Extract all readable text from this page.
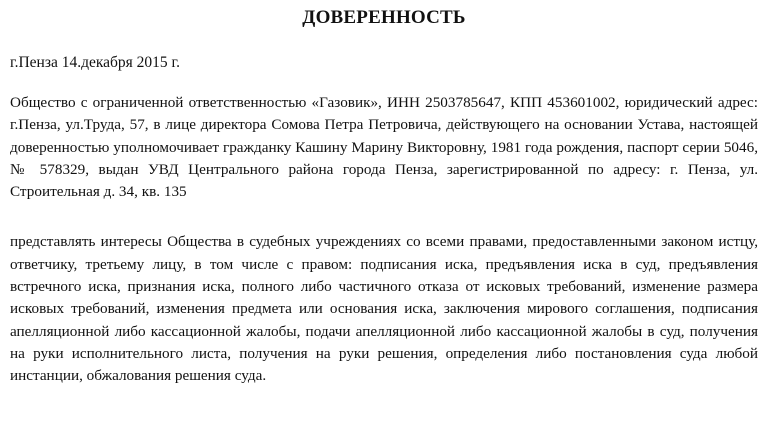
ДОВЕРЕННОСТЬ
г.Пенза 14.декабря 2015 г.

Общество с ограниченной ответственностью «Газовик», ИНН 2503785647, КПП 453601002, юридический адрес: г.Пенза, ул.Труда, 57, в лице директора Сомова Петра Петровича, действующего на основании Устава, настоящей доверенностью уполномочивает гражданку Кашину Марину Викторовну, 1981 года рождения, паспорт серии 5046, № 578329, выдан УВД Центрального района города Пенза, зарегистрированной по адресу: г. Пенза, ул. Строительная д. 34, кв. 135

представлять интересы Общества в судебных учреждениях со всеми правами, предоставленными законом истцу, ответчику, третьему лицу, в том числе с правом: подписания иска, предъявления иска в суд, предъявления встречного иска, признания иска, полного либо частичного отказа от исковых требований, изменение размера исковых требований, изменения предмета или основания иска, заключения мирового соглашения, подписания апелляционной либо кассационной жалобы, подачи апелляционной либо кассационной жалобы в суд, получения на руки исполнительного листа, получения на руки решения, определения либо постановления суда любой инстанции, обжалования решения суда.
